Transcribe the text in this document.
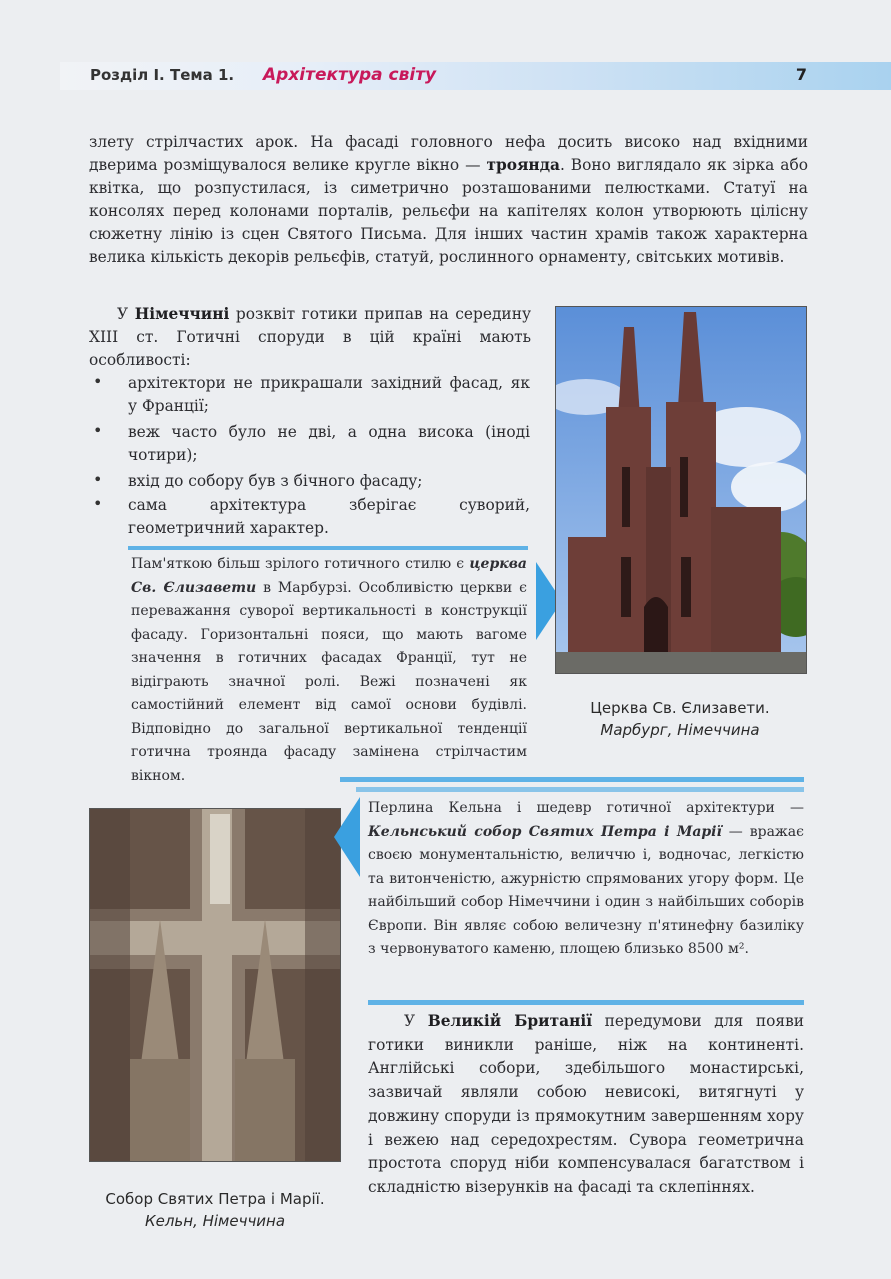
Розділ І. Тема 1. Архітектура світу	7

злету стрілчастих арок. На фасаді головного нефа досить високо над вхідними дверима розміщувалося велике кругле вікно — троянда. Воно виглядало як зірка або квітка, що розпустилася, із симетрично розташованими пелюстками. Статуї на консолях перед колонами порталів, рельєфи на капітелях колон утворюють цілісну сюжетну лінію із сцен Святого Письма. Для інших частин храмів також характерна велика кількість декорів рельєфів, статуй, рослинного орнаменту, світських мотивів.

У Німеччині розквіт готики припав на середину XIII ст. Готичні споруди в цій країні мають особливості:

• архітектори не прикрашали західний фасад, як у Франції;

• веж часто було не дві, а одна висока (іноді чотири);

• вхід до собору був з бічного фасаду;

• сама архітектура зберігає суворий, геометричний характер.

Пам'яткою більш зрілого готичного стилю є церква Св. Єлизавети в Марбурзі. Особливістю церкви є переважання суворої вертикальності в конструкції фасаду. Горизонтальні пояси, що мають вагоме значення в готичних фасадах Франції, тут не відіграють значної ролі. Вежі позначені як самостійний елемент від самої основи будівлі. Відповідно до загальної вертикальної тенденції готична троянда фасаду замінена стрілчастим вікном.

Церква Св. Єлизавети.
Марбург, Німеччина

Перлина Кельна і шедевр готичної архітектури — Кельнський собор Святих Петра і Марії — вражає своєю монументальністю, величчю і, водночас, легкістю та витонченістю, ажурністю спрямованих угору форм. Це найбільший собор Німеччини і один з найбільших соборів Європи. Він являє собою величезну п'ятинефну базиліку з червонуватого каменю, площею близько 8500 м².

У Великій Британії передумови для появи готики виникли раніше, ніж на континенті. Англійські собори, здебільшого монастирські, зазвичай являли собою невисокі, витягнуті у довжину споруди із прямокутним завершенням хору і вежею над середохрестям. Сувора геометрична простота споруд ніби компенсувалася багатством і складністю візерунків на фасаді та склепіннях.

Собор Святих Петра і Марії.
Кельн, Німеччина
